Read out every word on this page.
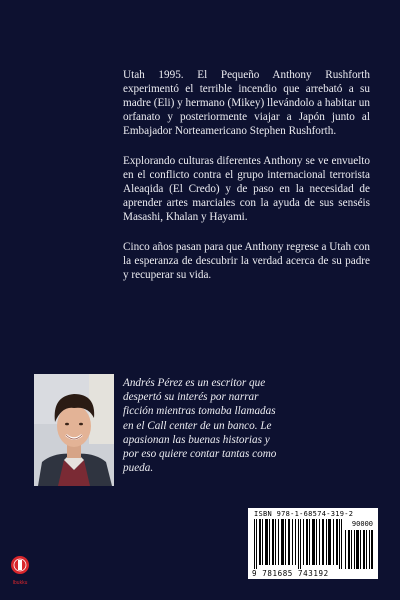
Utah 1995. El Pequeño Anthony Rushforth experimentó el terrible incendio que arrebató a su madre (Eli) y hermano (Mikey) llevándolo a habitar un orfanato y posteriormente viajar a Japón junto al Embajador Norteamericano Stephen Rushforth.

Explorando culturas diferentes Anthony se ve envuelto en el conflicto contra el grupo internacional terrorista Aleaqida (El Credo) y de paso en la necesidad de aprender artes marciales con la ayuda de sus senséis Masashi, Khalan y Hayami.

Cinco años pasan para que Anthony regrese a Utah con la esperanza de descubrir la verdad acerca de su padre y recuperar su vida.

Andrés Pérez es un escritor que despertó su interés por narrar ficción mientras tomaba llamadas en el Call center de un banco. Le apasionan las buenas historias y por eso quiere contar tantas como pueda.
ISBN 978-1-68574-319-2
90000
9 781685 743192
Ibukku
